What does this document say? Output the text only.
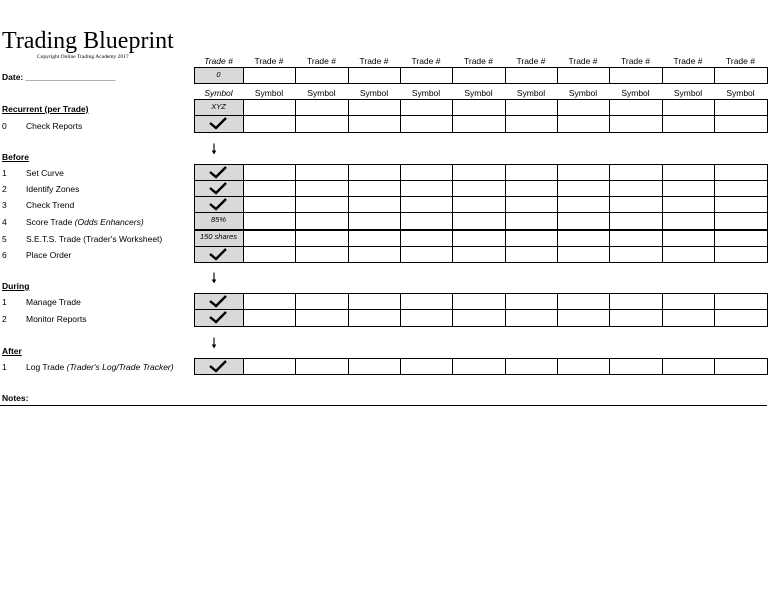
Trading Blueprint
Copyright Online Trading Academy 2017
Date: ___________________
Recurrent (per Trade)
0 Check Reports
Before
1 Set Curve
2 Identify Zones
3 Check Trend
4 Score Trade (Odds Enhancers)
5 S.E.T.S. Trade (Trader's Worksheet)
6 Place Order
During
1 Manage Trade
2 Monitor Reports
After
1 Log Trade (Trader's Log/Trade Tracker)
🠗
🠗
🠗
Notes:
Trade #
Symbol
Trade #
Symbol
Trade #
Symbol
Trade #
Symbol
Trade #
Symbol
Trade #
Symbol
Trade #
Symbol
Trade #
Symbol
Trade #
Symbol
Trade #
Symbol
Trade #
Symbol
0
XYZ
85%
150 shares
